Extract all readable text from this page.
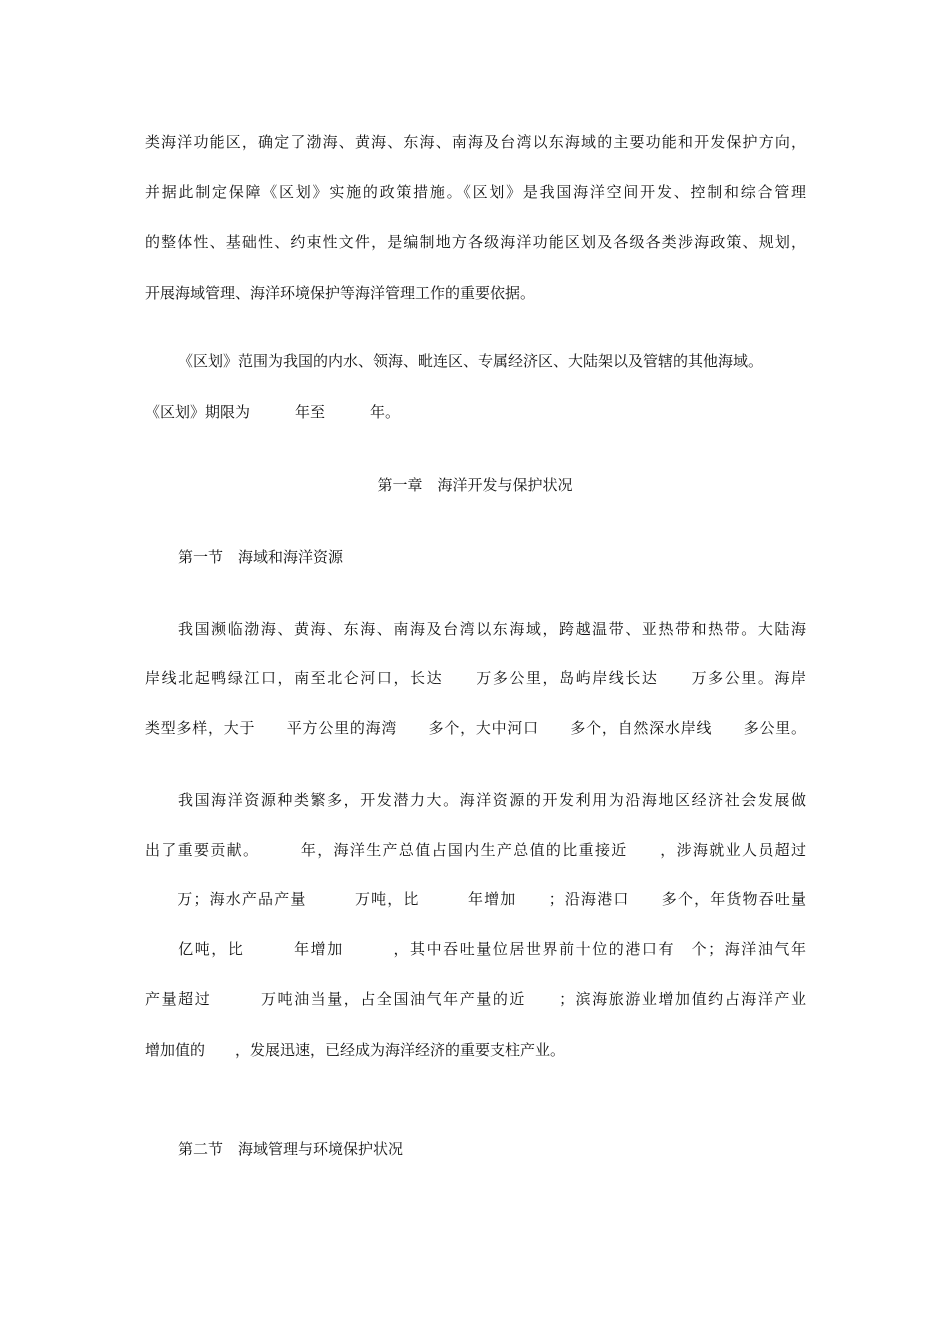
类海洋功能区，确定了渤海、黄海、东海、南海及台湾以东海域的主要功能和开发保护方向，
并据此制定保障《区划》实施的政策措施。《区划》是我国海洋空间开发、控制和综合管理
的整体性、基础性、约束性文件，是编制地方各级海洋功能区划及各级各类涉海政策、规划，
开展海域管理、海洋环境保护等海洋管理工作的重要依据。
《区划》范围为我国的内水、领海、毗连区、专属经济区、大陆架以及管辖的其他海域。
《区划》期限为　　　年至　　　年。
第一章　海洋开发与保护状况
第一节　海域和海洋资源
我国濒临渤海、黄海、东海、南海及台湾以东海域，跨越温带、亚热带和热带。大陆海
岸线北起鸭绿江口，南至北仑河口，长达　　万多公里，岛屿岸线长达　　万多公里。海岸
类型多样，大于　　平方公里的海湾　　多个，大中河口　　多个，自然深水岸线　　多公里。
我国海洋资源种类繁多，开发潜力大。海洋资源的开发利用为沿海地区经济社会发展做
出了重要贡献。　　　年，海洋生产总值占国内生产总值的比重接近　　，涉海就业人员超过
　　万；海水产品产量　　　万吨，比　　　年增加　　；沿海港口　　多个，年货物吞吐量
　　亿吨，比　　　年增加　　　，其中吞吐量位居世界前十位的港口有　个；海洋油气年
产量超过　　　万吨油当量，占全国油气年产量的近　　；滨海旅游业增加值约占海洋产业
增加值的　　，发展迅速，已经成为海洋经济的重要支柱产业。
第二节　海域管理与环境保护状况
